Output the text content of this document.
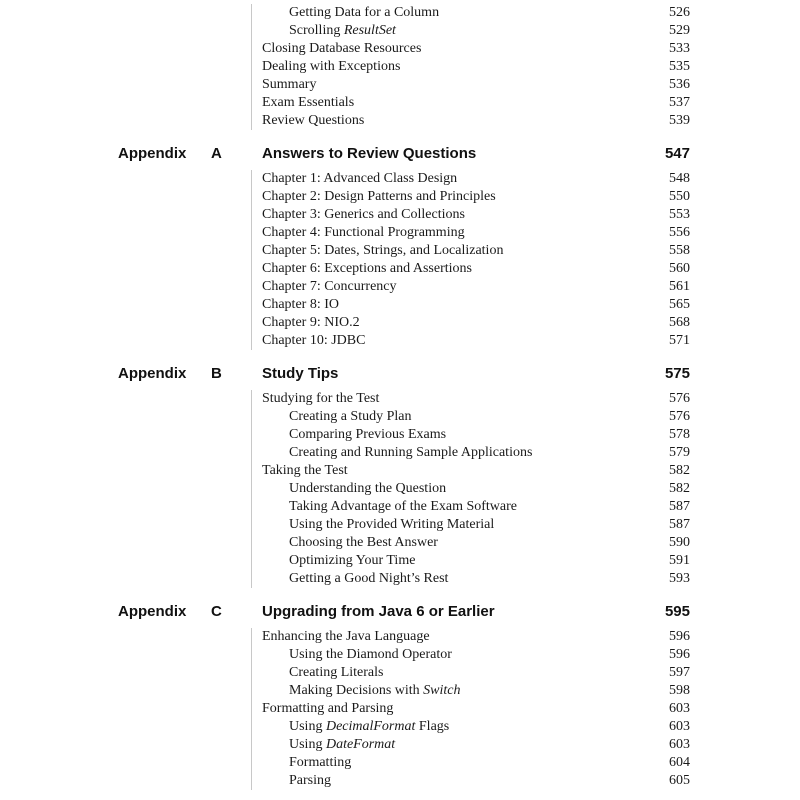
Getting Data for a Column	526
Scrolling ResultSet	529
Closing Database Resources	533
Dealing with Exceptions	535
Summary	536
Exam Essentials	537
Review Questions	539
Appendix A	Answers to Review Questions	547
Chapter 1: Advanced Class Design	548
Chapter 2: Design Patterns and Principles	550
Chapter 3: Generics and Collections	553
Chapter 4: Functional Programming	556
Chapter 5: Dates, Strings, and Localization	558
Chapter 6: Exceptions and Assertions	560
Chapter 7: Concurrency	561
Chapter 8: IO	565
Chapter 9: NIO.2	568
Chapter 10: JDBC	571
Appendix B	Study Tips	575
Studying for the Test	576
Creating a Study Plan	576
Comparing Previous Exams	578
Creating and Running Sample Applications	579
Taking the Test	582
Understanding the Question	582
Taking Advantage of the Exam Software	587
Using the Provided Writing Material	587
Choosing the Best Answer	590
Optimizing Your Time	591
Getting a Good Night’s Rest	593
Appendix C	Upgrading from Java 6 or Earlier	595
Enhancing the Java Language	596
Using the Diamond Operator	596
Creating Literals	597
Making Decisions with Switch	598
Formatting and Parsing	603
Using DecimalFormat Flags	603
Using DateFormat	603
Formatting	604
Parsing	605
